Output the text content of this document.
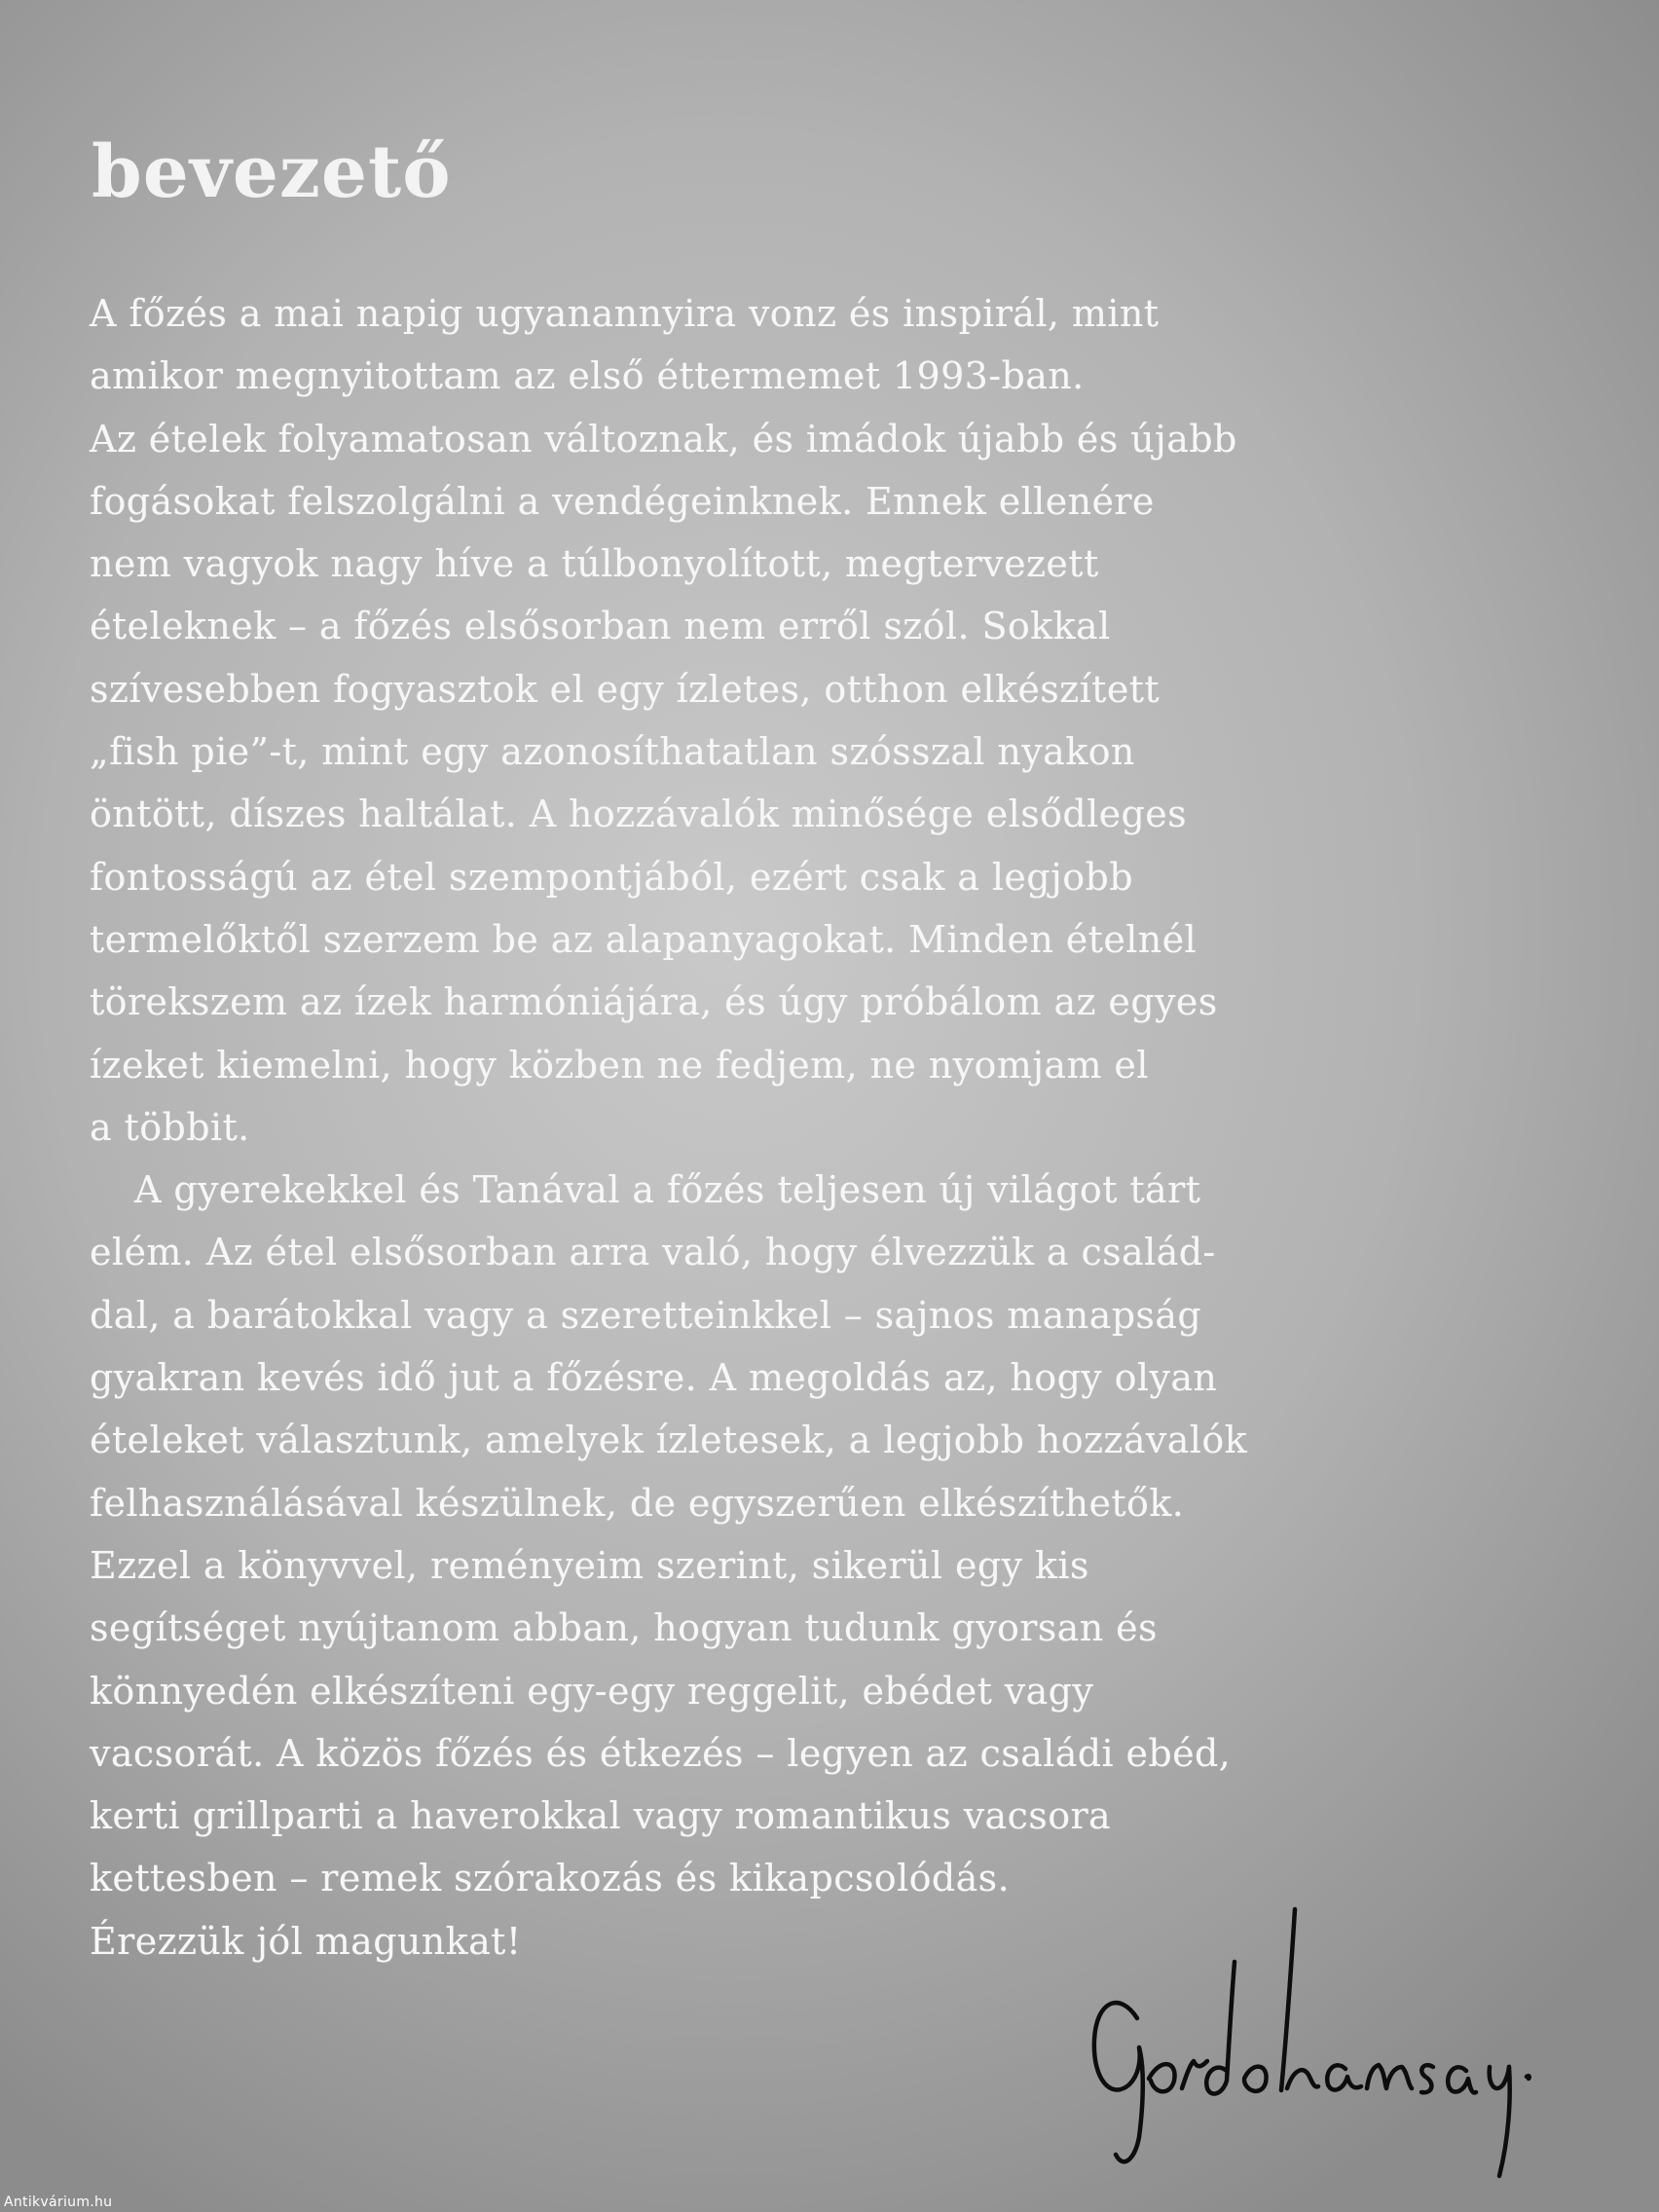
bevezető
A főzés a mai napig ugyanannyira vonz és inspirál, mint
amikor megnyitottam az első éttermemet 1993-ban.
Az ételek folyamatosan változnak, és imádok újabb és újabb
fogásokat felszolgálni a vendégeinknek. Ennek ellenére
nem vagyok nagy híve a túlbonyolított, megtervezett
ételeknek – a főzés elsősorban nem erről szól. Sokkal
szívesebben fogyasztok el egy ízletes, otthon elkészített
„fish pie”-t, mint egy azonosíthatatlan szósszal nyakon
öntött, díszes haltálat. A hozzávalók minősége elsődleges
fontosságú az étel szempontjából, ezért csak a legjobb
termelőktől szerzem be az alapanyagokat. Minden ételnél
törekszem az ízek harmóniájára, és úgy próbálom az egyes
ízeket kiemelni, hogy közben ne fedjem, ne nyomjam el
a többit.
A gyerekekkel és Tanával a főzés teljesen új világot tárt
elém. Az étel elsősorban arra való, hogy élvezzük a család-
dal, a barátokkal vagy a szeretteinkkel – sajnos manapság
gyakran kevés idő jut a főzésre. A megoldás az, hogy olyan
ételeket választunk, amelyek ízletesek, a legjobb hozzávalók
felhasználásával készülnek, de egyszerűen elkészíthetők.
Ezzel a könyvvel, reményeim szerint, sikerül egy kis
segítséget nyújtanom abban, hogyan tudunk gyorsan és
könnyedén elkészíteni egy-egy reggelit, ebédet vagy
vacsorát. A közös főzés és étkezés – legyen az családi ebéd,
kerti grillparti a haverokkal vagy romantikus vacsora
kettesben – remek szórakozás és kikapcsolódás.
Érezzük jól magunkat!
Antikvárium.hu
